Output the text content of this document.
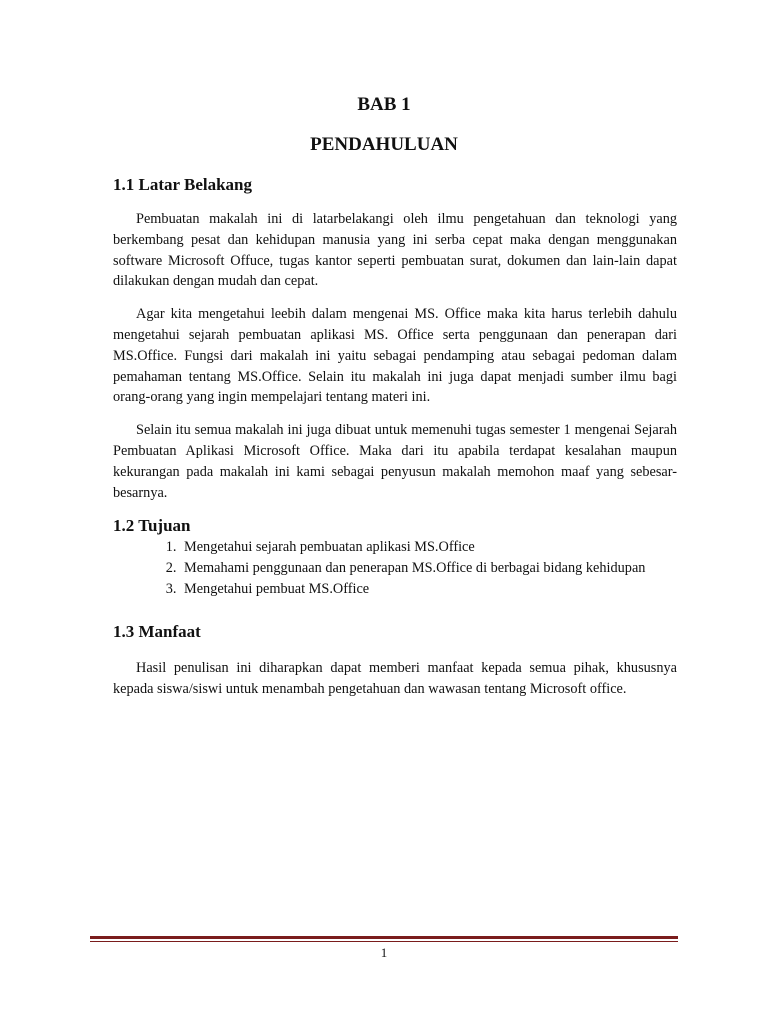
BAB 1
PENDAHULUAN
1.1 Latar Belakang

Pembuatan makalah ini di latarbelakangi oleh ilmu pengetahuan dan teknologi yang berkembang pesat dan kehidupan manusia yang ini serba cepat maka dengan menggunakan software Microsoft Offuce, tugas kantor seperti pembuatan surat, dokumen dan lain-lain dapat dilakukan dengan mudah dan cepat.

Agar kita mengetahui leebih dalam mengenai MS. Office maka kita harus terlebih dahulu mengetahui sejarah pembuatan aplikasi MS. Office serta penggunaan dan penerapan dari MS.Office. Fungsi dari makalah ini yaitu sebagai pendamping atau sebagai pedoman dalam pemahaman tentang MS.Office. Selain itu makalah ini juga dapat menjadi sumber ilmu bagi orang-orang yang ingin mempelajari tentang materi ini.

Selain itu semua makalah ini juga dibuat untuk memenuhi tugas semester 1 mengenai Sejarah Pembuatan Aplikasi Microsoft Office. Maka dari itu apabila terdapat kesalahan maupun kekurangan pada makalah ini kami sebagai penyusun makalah memohon maaf yang sebesar-besarnya.

1.2 Tujuan
1. Mengetahui sejarah pembuatan aplikasi MS.Office
2. Memahami penggunaan dan penerapan MS.Office di berbagai bidang kehidupan
3. Mengetahui pembuat MS.Office
1.3 Manfaat

Hasil penulisan ini diharapkan dapat memberi manfaat kepada semua pihak, khususnya kepada siswa/siswi untuk menambah pengetahuan dan wawasan tentang Microsoft office.

1
